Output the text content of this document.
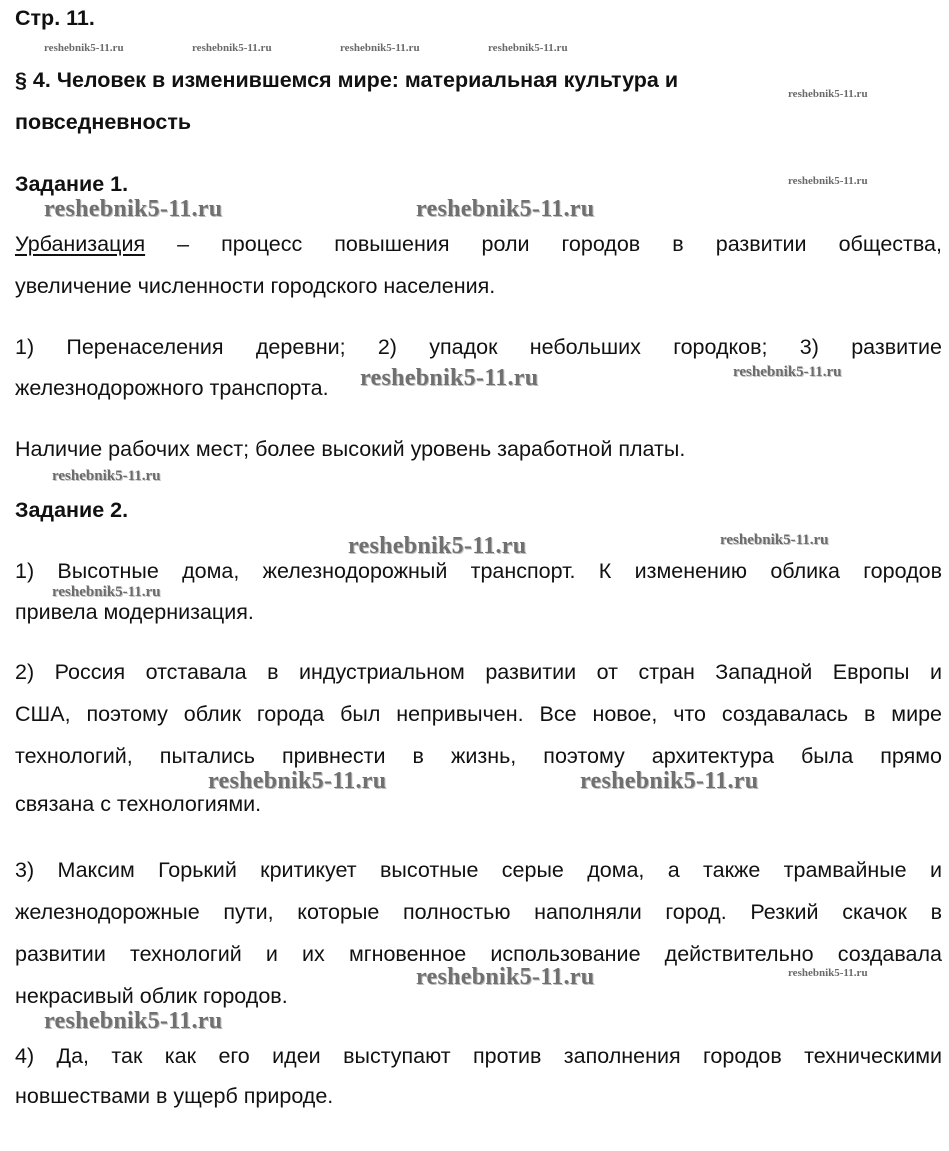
Стр. 11.
§ 4. Человек в изменившемся мире: материальная культура и
повседневность
Задание 1.
Урбанизация – процесс повышения роли городов в развитии общества,
увеличение численности городского населения.
1) Перенаселения деревни; 2) упадок небольших городков; 3) развитие
железнодорожного транспорта.
Наличие рабочих мест; более высокий уровень заработной платы.
Задание 2.
1) Высотные дома, железнодорожный транспорт. К изменению облика городов
привела модернизация.
2) Россия отставала в индустриальном развитии от стран Западной Европы и
США, поэтому облик города был непривычен. Все новое, что создавалась в мире
технологий, пытались привнести в жизнь, поэтому архитектура была прямо
связана с технологиями.
3) Максим Горький критикует высотные серые дома, а также трамвайные и
железнодорожные пути, которые полностью наполняли город. Резкий скачок в
развитии технологий и их мгновенное использование действительно создавала
некрасивый облик городов.
4) Да, так как его идеи выступают против заполнения городов техническими
новшествами в ущерб природе.
reshebnik5-11.ru	reshebnik5-11.ru	reshebnik5-11.ru	reshebnik5-11.ru
reshebnik5-11.ru
reshebnik5-11.ru
reshebnik5-11.ru	reshebnik5-11.ru
reshebnik5-11.ru	reshebnik5-11.ru
reshebnik5-11.ru
reshebnik5-11.ru	reshebnik5-11.ru
reshebnik5-11.ru
reshebnik5-11.ru	reshebnik5-11.ru
reshebnik5-11.ru	reshebnik5-11.ru
reshebnik5-11.ru
